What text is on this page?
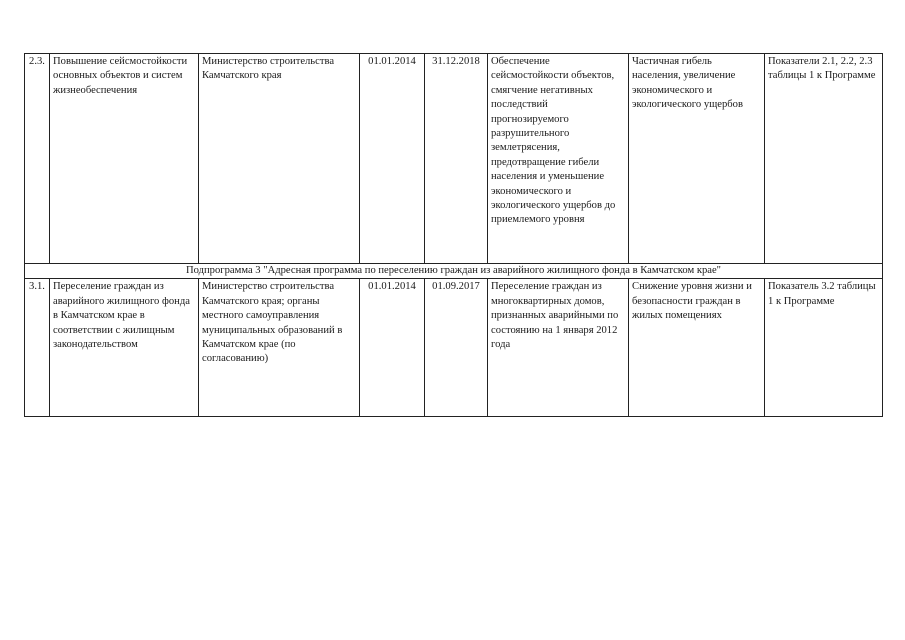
2.3.	Повышение сейсмостойкости основных объектов и систем жизнеобеспечения	Министерство строительства Камчатского края	01.01.2014	31.12.2018	Обеспечение сейсмостойкости объектов, смягчение негативных последствий прогнозируемого разрушительного землетрясения, предотвращение гибели населения и уменьшение экономического и экологического ущербов до приемлемого уровня	Частичная гибель населения, увеличение экономического и экологического ущербов	Показатели 2.1, 2.2, 2.3 таблицы 1 к Программе
Подпрограмма 3 "Адресная программа по переселению граждан из аварийного жилищного фонда в Камчатском крае"							
3.1.	Переселение граждан из аварийного жилищного фонда в Камчатском крае в соответствии с жилищным законодательством	Министерство строительства Камчатского края; органы местного самоуправления муниципальных образований в Камчатском крае (по согласованию)	01.01.2014	01.09.2017	Переселение граждан из многоквартирных домов, признанных аварийными по состоянию на 1 января 2012 года	Снижение уровня жизни и безопасности граждан в жилых помещениях	Показатель 3.2 таблицы 1 к Программе
